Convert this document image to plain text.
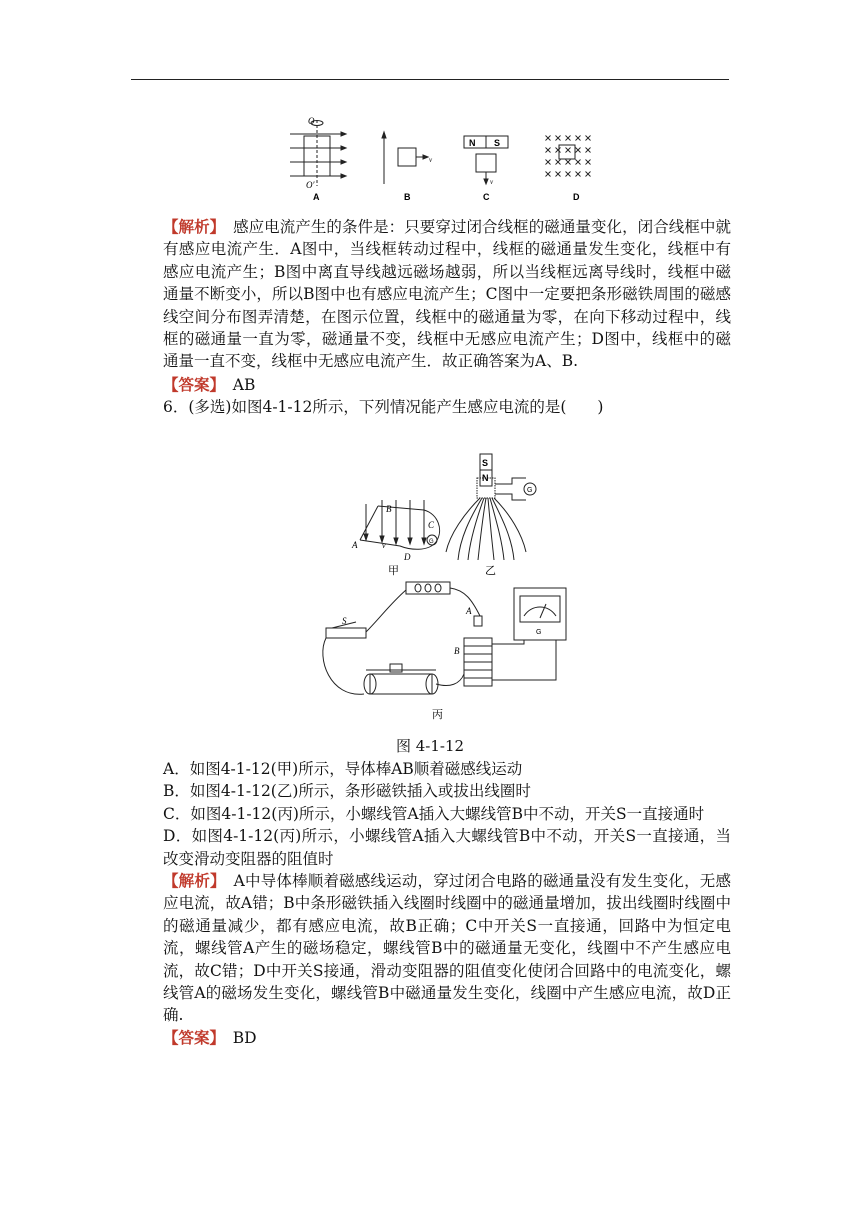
O
O′
A
v
B
N S
v
C	D

【解析】　 感应电流产生的条件是：只要穿过闭合线框的磁通量变化，闭合线框中就有感应电流产生．A图中，当线框转动过程中，线框的磁通量发生变化，线框中有感应电流产生；B图中离直导线越远磁场越弱，所以当线框远离导线时，线框中磁通量不断变小，所以B图中也有感应电流产生；C图中一定要把条形磁铁周围的磁感线空间分布图弄清楚，在图示位置，线框中的磁通量为零，在向下移动过程中，线框的磁通量一直为零，磁通量不变，线框中无感应电流产生；D图中，线框中的磁通量一直不变，线框中无感应电流产生．故正确答案为A、B.

【答案】　 AB

6．(多选)如图4-1-12所示，下列情况能产生感应电流的是(　　)

B
A
C
D
v	G
甲
S
N
G
乙
S
A
B
G
丙
图 4-1-12

A．如图4-1-12(甲)所示，导体棒AB顺着磁感线运动

B．如图4-1-12(乙)所示，条形磁铁插入或拔出线圈时

C．如图4-1-12(丙)所示，小螺线管A插入大螺线管B中不动，开关S一直接通时

D．如图4-1-12(丙)所示，小螺线管A插入大螺线管B中不动，开关S一直接通，当改变滑动变阻器的阻值时

【解析】　 A中导体棒顺着磁感线运动，穿过闭合电路的磁通量没有发生变化，无感应电流，故A错；B中条形磁铁插入线圈时线圈中的磁通量增加，拔出线圈时线圈中的磁通量减少，都有感应电流，故B正确；C中开关S一直接通，回路中为恒定电流，螺线管A产生的磁场稳定，螺线管B中的磁通量无变化，线圈中不产生感应电流，故C错；D中开关S接通，滑动变阻器的阻值变化使闭合回路中的电流变化，螺线管A的磁场发生变化，螺线管B中磁通量发生变化，线圈中产生感应电流，故D正确.

【答案】　 BD
